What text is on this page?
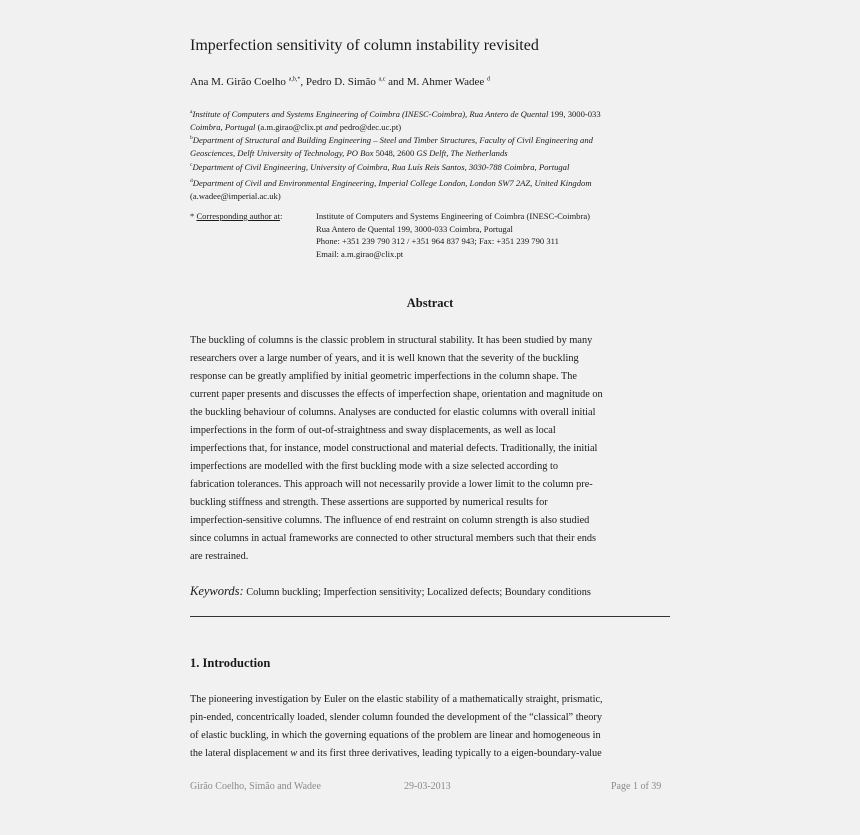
Imperfection sensitivity of column instability revisited
Ana M. Girão Coelho $^{a,b,*}$, Pedro D. Simão $^{a,c}$ and M. Ahmer Wadee $^d$
$^a$Institute of Computers and Systems Engineering of Coimbra (INESC-Coimbra), Rua Antero de Quental 199, 3000-033
Coimbra, Portugal (a.m.girao@clix.pt and pedro@dec.uc.pt)
$^b$Department of Structural and Building Engineering – Steel and Timber Structures, Faculty of Civil Engineering and
Geosciences, Delft University of Technology, PO Box 5048, 2600 GS Delft, The Netherlands
$^c$Department of Civil Engineering, University of Coimbra, Rua Luís Reis Santos, 3030-788 Coimbra, Portugal
$^d$Department of Civil and Environmental Engineering, Imperial College London, London SW7 2AZ, United Kingdom
(a.wadee@imperial.ac.uk)
* Corresponding author at:	Institute of Computers and Systems Engineering of Coimbra (INESC-Coimbra)
Rua Antero de Quental 199, 3000-033 Coimbra, Portugal
Phone: +351 239 790 312 / +351 964 837 943; Fax: +351 239 790 311
Email: a.m.girao@clix.pt
Abstract
The buckling of columns is the classic problem in structural stability. It has been studied by many
researchers over a large number of years, and it is well known that the severity of the buckling
response can be greatly amplified by initial geometric imperfections in the column shape. The
current paper presents and discusses the effects of imperfection shape, orientation and magnitude on
the buckling behaviour of columns. Analyses are conducted for elastic columns with overall initial
imperfections in the form of out-of-straightness and sway displacements, as well as local
imperfections that, for instance, model constructional and material defects. Traditionally, the initial
imperfections are modelled with the first buckling mode with a size selected according to
fabrication tolerances. This approach will not necessarily provide a lower limit to the column pre-
buckling stiffness and strength. These assertions are supported by numerical results for
imperfection-sensitive columns. The influence of end restraint on column strength is also studied
since columns in actual frameworks are connected to other structural members such that their ends
are restrained.
Keywords: Column buckling; Imperfection sensitivity; Localized defects; Boundary conditions
1. Introduction
The pioneering investigation by Euler on the elastic stability of a mathematically straight, prismatic,
pin-ended, concentrically loaded, slender column founded the development of the “classical” theory
of elastic buckling, in which the governing equations of the problem are linear and homogeneous in
the lateral displacement w and its first three derivatives, leading typically to a eigen-boundary-value
Girão Coelho, Simão and Wadee	29-03-2013	Page 1 of 39
